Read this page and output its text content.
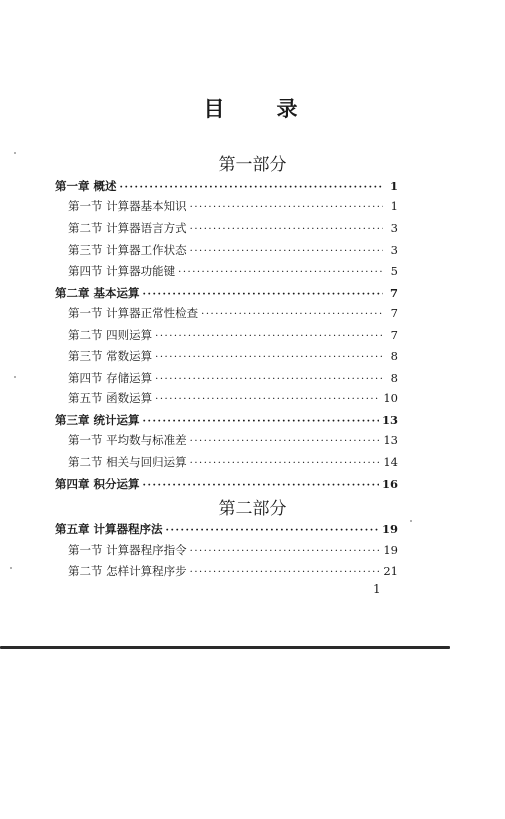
目录
第一部分
第二部分
第一章 概述 ·····	1
第一节 计算器基本知识 ·····	1
第二节 计算器语言方式 ·····	3
第三节 计算器工作状态 ·····	3
第四节 计算器功能键 ·····	5
第二章 基本运算 ·····	7
第一节 计算器正常性检查 ·····	7
第二节 四则运算 ·····	7
第三节 常数运算 ·····	8
第四节 存储运算 ·····	8
第五节 函数运算 ·····	10
第三章 统计运算 ·····	13
第一节 平均数与标准差 ·····	13
第二节 相关与回归运算 ·····	14
第四章 积分运算 ·····	16
第五章 计算器程序法 ·····	19
第一节 计算器程序指令 ·····	19
第二节 怎样计算程序步 ·····	21
1
